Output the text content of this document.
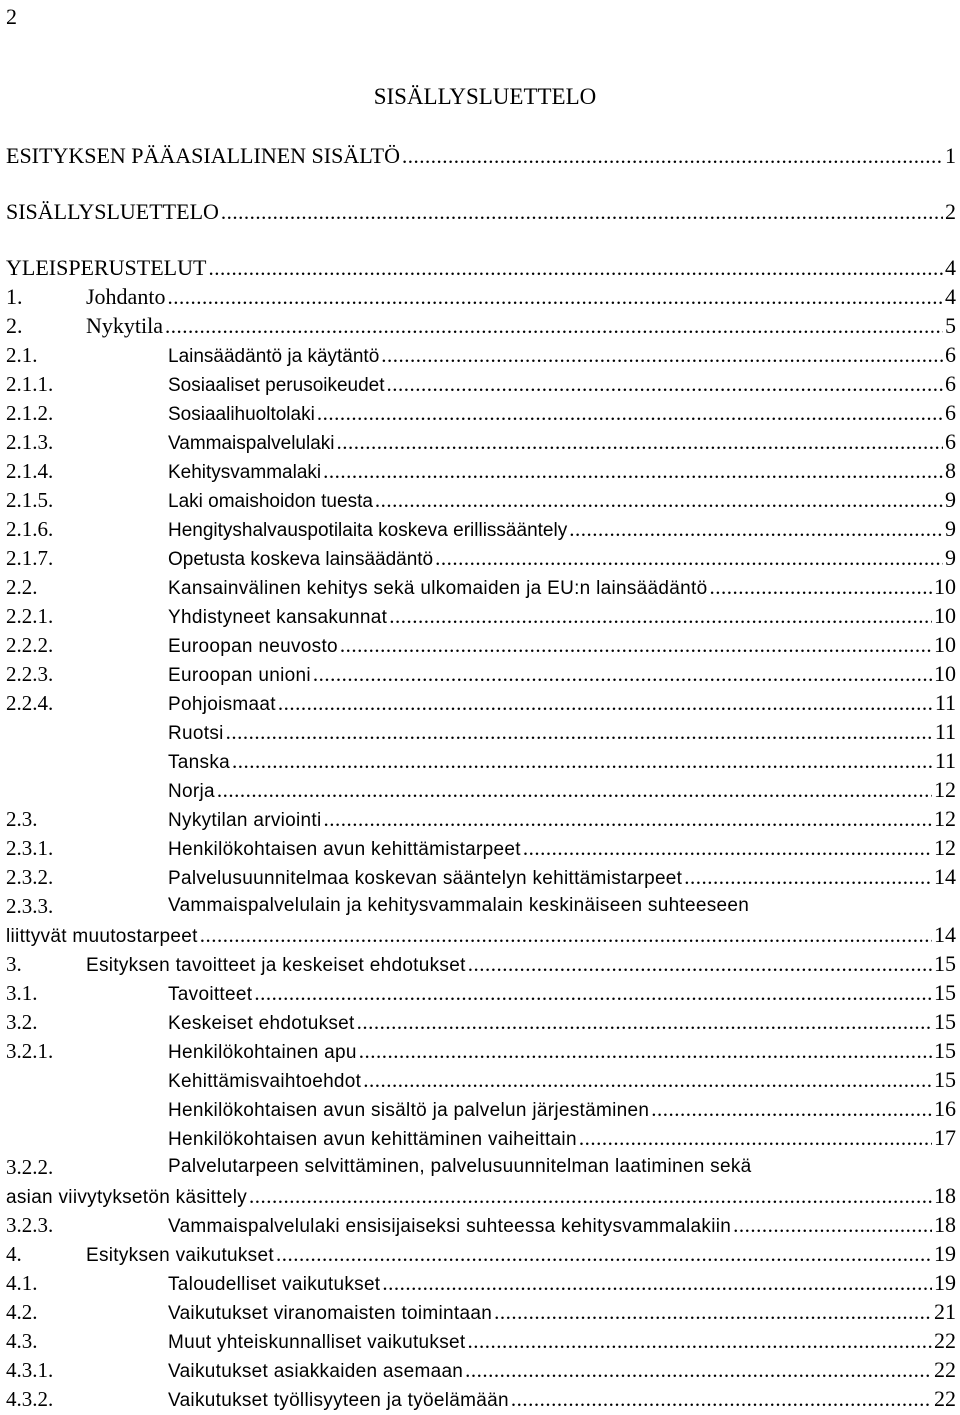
2
SISÄLLYSLUETTELO
ESITYKSEN PÄÄASIALLINEN SISÄLTÖ .....	1
SISÄLLYSLUETTELO .....	2
YLEISPERUSTELUT .....	4
1.	Johdanto .....	4
2.	Nykytila .....	5
2.1.	Lainsäädäntö ja käytäntö .....	6
2.1.1.	Sosiaaliset perusoikeudet .....	6
2.1.2.	Sosiaalihuoltolaki .....	6
2.1.3.	Vammaispalvelulaki .....	6
2.1.4.	Kehitysvammalaki .....	8
2.1.5.	Laki omaishoidon tuesta .....	9
2.1.6.	Hengityshalvauspotilaita koskeva erillissääntely .....	9
2.1.7.	Opetusta koskeva lainsäädäntö .....	9
2.2.	Kansainvälinen kehitys sekä ulkomaiden ja EU:n lainsäädäntö .....	10
2.2.1.	Yhdistyneet kansakunnat .....	10
2.2.2.	Euroopan neuvosto .....	10
2.2.3.	Euroopan unioni .....	10
2.2.4.	Pohjoismaat .....	11
Ruotsi .....	11
Tanska .....	11
Norja .....	12
2.3.	Nykytilan arviointi .....	12
2.3.1.	Henkilökohtaisen avun kehittämistarpeet .....	12
2.3.2.	Palvelusuunnitelmaa koskevan sääntelyn kehittämistarpeet .....	14
2.3.3.	Vammaispalvelulain ja kehitysvammalain keskinäiseen suhteeseen
liittyvät muutostarpeet .....	14
3.	Esityksen tavoitteet ja keskeiset ehdotukset .....	15
3.1.	Tavoitteet .....	15
3.2.	Keskeiset ehdotukset .....	15
3.2.1.	Henkilökohtainen apu .....	15
Kehittämisvaihtoehdot .....	15
Henkilökohtaisen avun sisältö ja palvelun järjestäminen .....	16
Henkilökohtaisen avun kehittäminen vaiheittain .....	17
3.2.2.	Palvelutarpeen selvittäminen, palvelusuunnitelman laatiminen sekä
asian viivytyksetön käsittely .....	18
3.2.3.	Vammaispalvelulaki ensisijaiseksi suhteessa kehitysvammalakiin .....	18
4.	Esityksen vaikutukset .....	19
4.1.	Taloudelliset vaikutukset .....	19
4.2.	Vaikutukset viranomaisten toimintaan .....	21
4.3.	Muut yhteiskunnalliset vaikutukset .....	22
4.3.1.	Vaikutukset asiakkaiden asemaan .....	22
4.3.2.	Vaikutukset työllisyyteen ja työelämään .....	22
